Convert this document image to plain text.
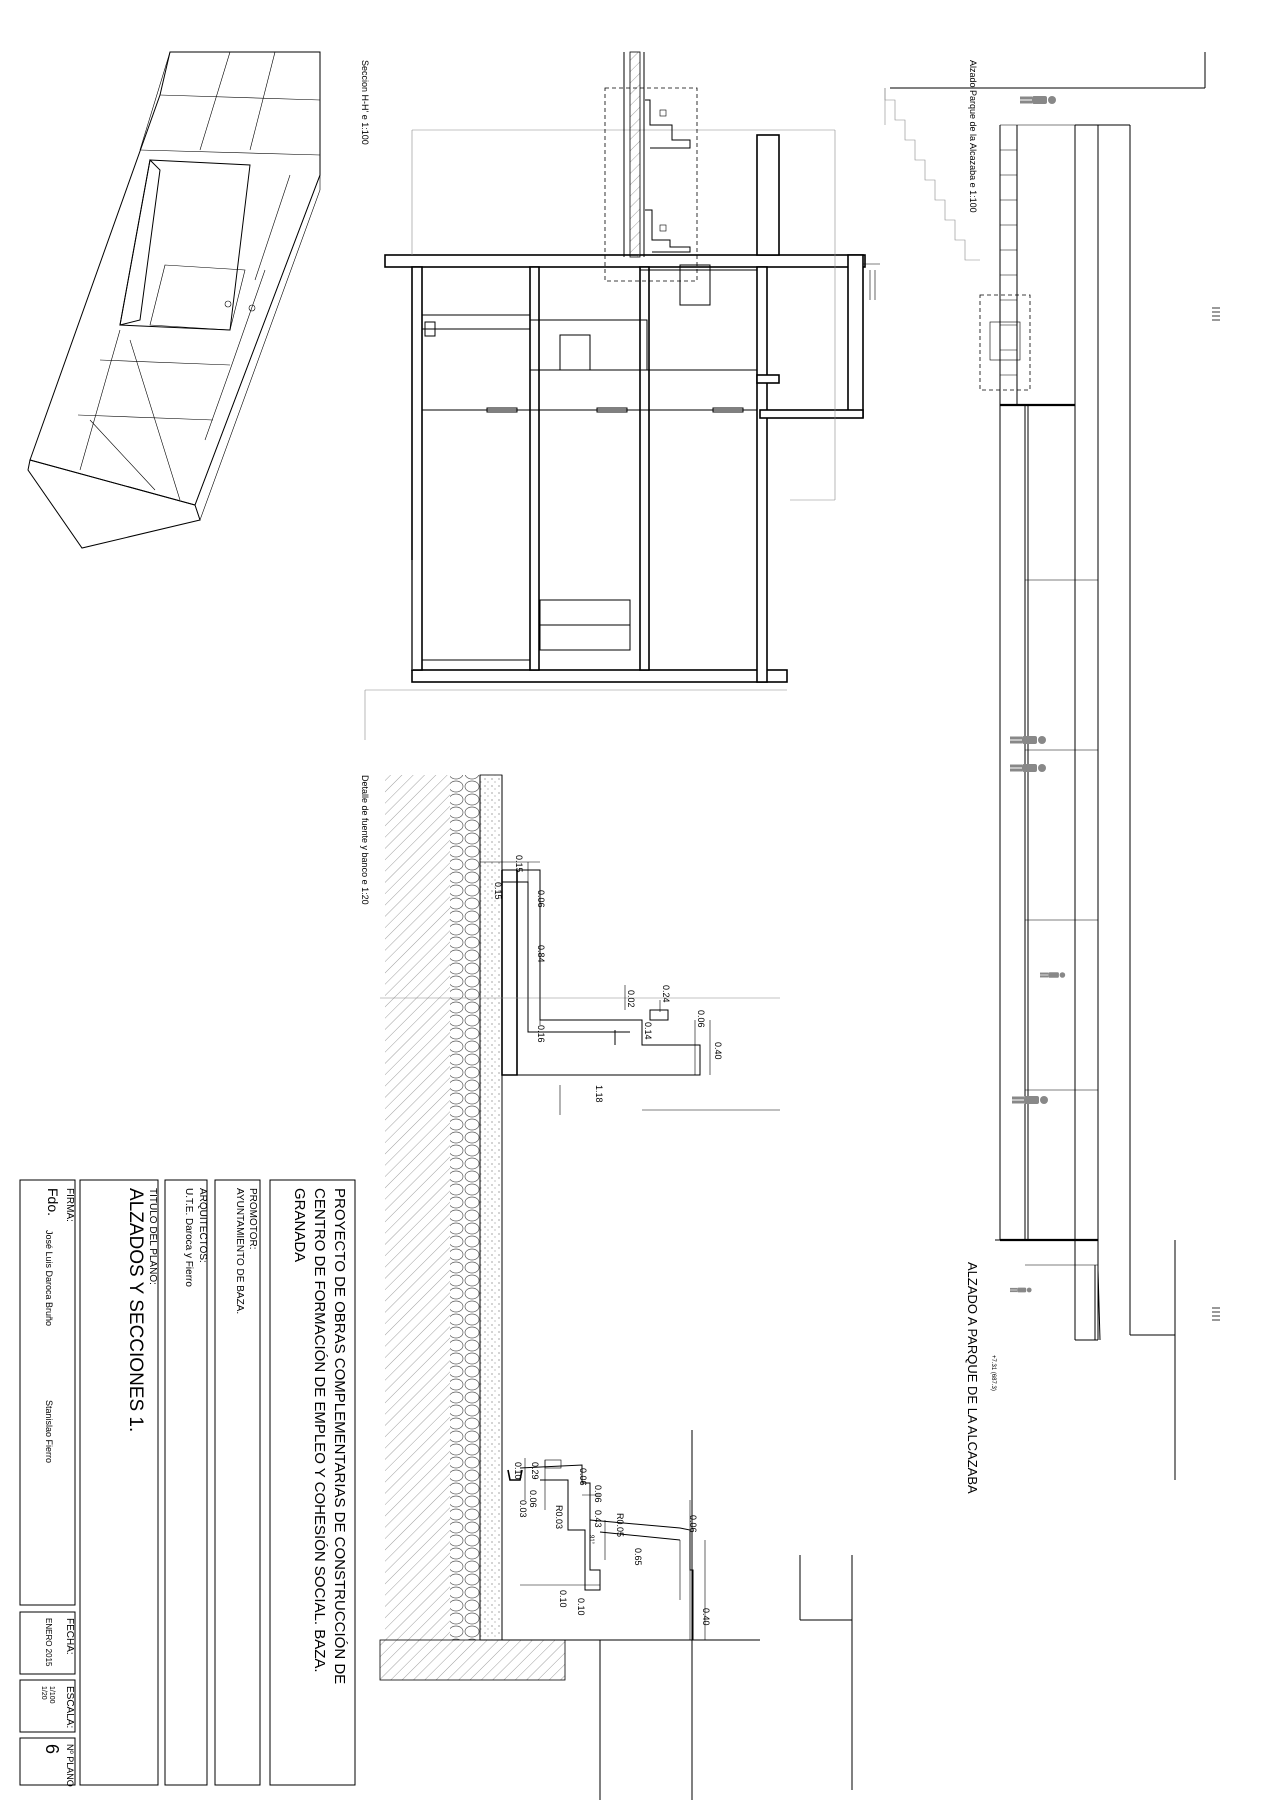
Seccion H-H' e 1:100	Alzado Parque de la Alcazaba e 1:100
ALZADO A PARQUE DE LA ALCAZABA +7.31 (687.3)
Detalle de fuente y banco e 1:20	0.15
0.15	0.06
0.84
0.16
0.02	0.24
0.14
0.06
0.40
1.18
0.29
0.10
0.06
0.06
0.03
0.06
R0.03	0.43 R0.05
91°
0.65
0.06
0.10 0.10
0.40
PROYECTO DE OBRAS COMPLEMENTARIAS DE CONSTRUCCIÓN DE
CENTRO DE FORMACIÓN DE EMPLEO Y COHESIÓN SOCIAL. BAZA.
GRANADA
PROMOTOR:
AYUNTAMIENTO DE BAZA.
ARQUITECTOS:
U.T.E. Daroca y Fierro
TITULO DEL PLANO:
ALZADOS Y SECCIONES 1.
FIRMA:
Fdo.
José Luis Daroca Bruño
Stanislao Fierro
FECHA:
ENERO 2015
ESCALA:
1/100
1/20
Nº PLANO
6
